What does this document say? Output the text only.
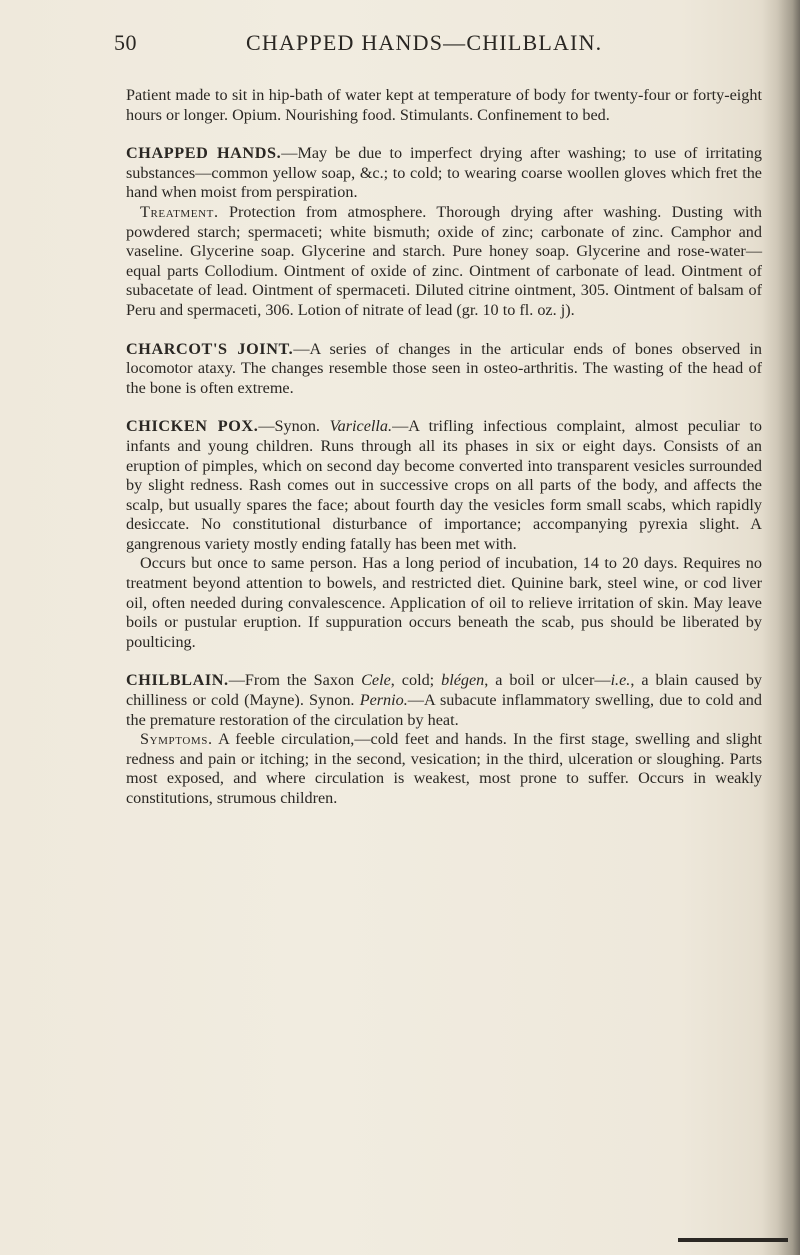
50	CHAPPED HANDS—CHILBLAIN.

Patient made to sit in hip-bath of water kept at temperature of body for twenty-four or forty-eight hours or longer. Opium. Nourishing food. Stimulants. Confinement to bed.

CHAPPED HANDS.—May be due to imperfect drying after washing; to use of irritating substances—common yellow soap, &c.; to cold; to wearing coarse woollen gloves which fret the hand when moist from perspiration.

Treatment. Protection from atmosphere. Thorough drying after washing. Dusting with powdered starch; spermaceti; white bismuth; oxide of zinc; carbonate of zinc. Camphor and vaseline. Glycerine soap. Glycerine and starch. Pure honey soap. Glycerine and rose-water—equal parts Collodium. Ointment of oxide of zinc. Ointment of carbonate of lead. Ointment of subacetate of lead. Ointment of spermaceti. Diluted citrine ointment, 305. Ointment of balsam of Peru and spermaceti, 306. Lotion of nitrate of lead (gr. 10 to fl. oz. j).

CHARCOT'S JOINT.—A series of changes in the articular ends of bones observed in locomotor ataxy. The changes resemble those seen in osteo-arthritis. The wasting of the head of the bone is often extreme.

CHICKEN POX.—Synon. Varicella.—A trifling infectious complaint, almost peculiar to infants and young children. Runs through all its phases in six or eight days. Consists of an eruption of pimples, which on second day become converted into transparent vesicles surrounded by slight redness. Rash comes out in successive crops on all parts of the body, and affects the scalp, but usually spares the face; about fourth day the vesicles form small scabs, which rapidly desiccate. No constitutional disturbance of importance; accompanying pyrexia slight. A gangrenous variety mostly ending fatally has been met with.

Occurs but once to same person. Has a long period of incubation, 14 to 20 days. Requires no treatment beyond attention to bowels, and restricted diet. Quinine bark, steel wine, or cod liver oil, often needed during convalescence. Application of oil to relieve irritation of skin. May leave boils or pustular eruption. If suppuration occurs beneath the scab, pus should be liberated by poulticing.

CHILBLAIN.—From the Saxon Cele, cold; blégen, a boil or ulcer—i.e., a blain caused by chilliness or cold (Mayne). Synon. Pernio.—A subacute inflammatory swelling, due to cold and the premature restoration of the circulation by heat.

Symptoms. A feeble circulation,—cold feet and hands. In the first stage, swelling and slight redness and pain or itching; in the second, vesication; in the third, ulceration or sloughing. Parts most exposed, and where circulation is weakest, most prone to suffer. Occurs in weakly constitutions, strumous children.
